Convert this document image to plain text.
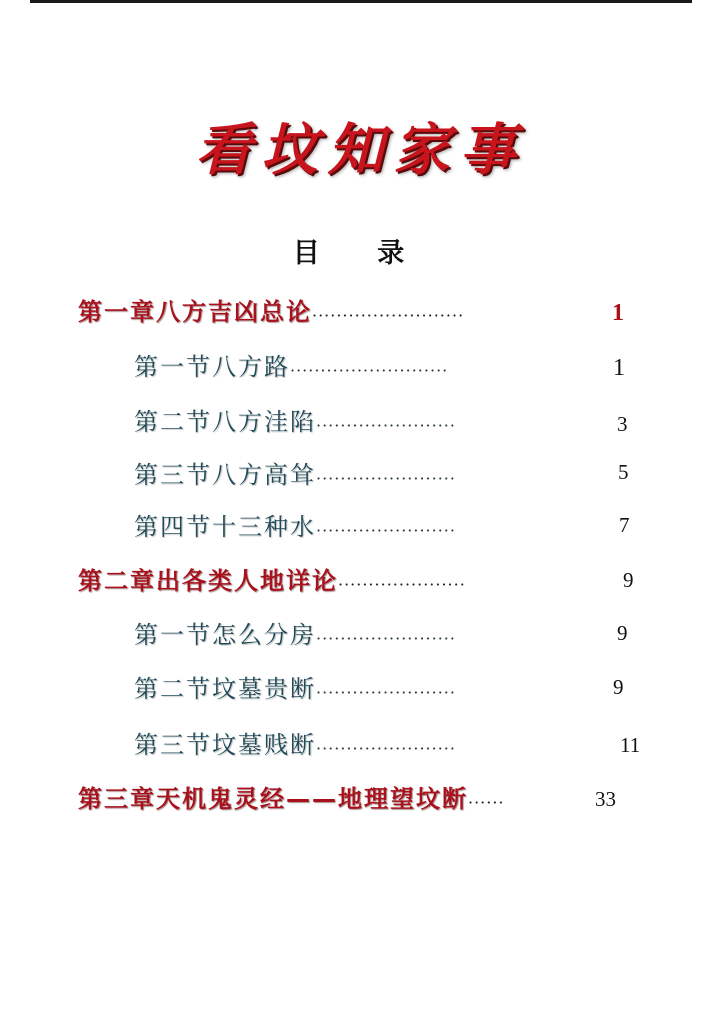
看坟知家事
目 录
第一章八方吉凶总论·························	1
第一节八方路··························	1
第二节八方洼陷·······················	3
第三节八方高耸·······················	5
第四节十三种水·······················	7
第二章出各类人地详论·····················	9
第一节怎么分房·······················	9
第二节坟墓贵断·······················	9
第三节坟墓贱断·······················	11
第三章天机鬼灵经——地理望坟断······	33
